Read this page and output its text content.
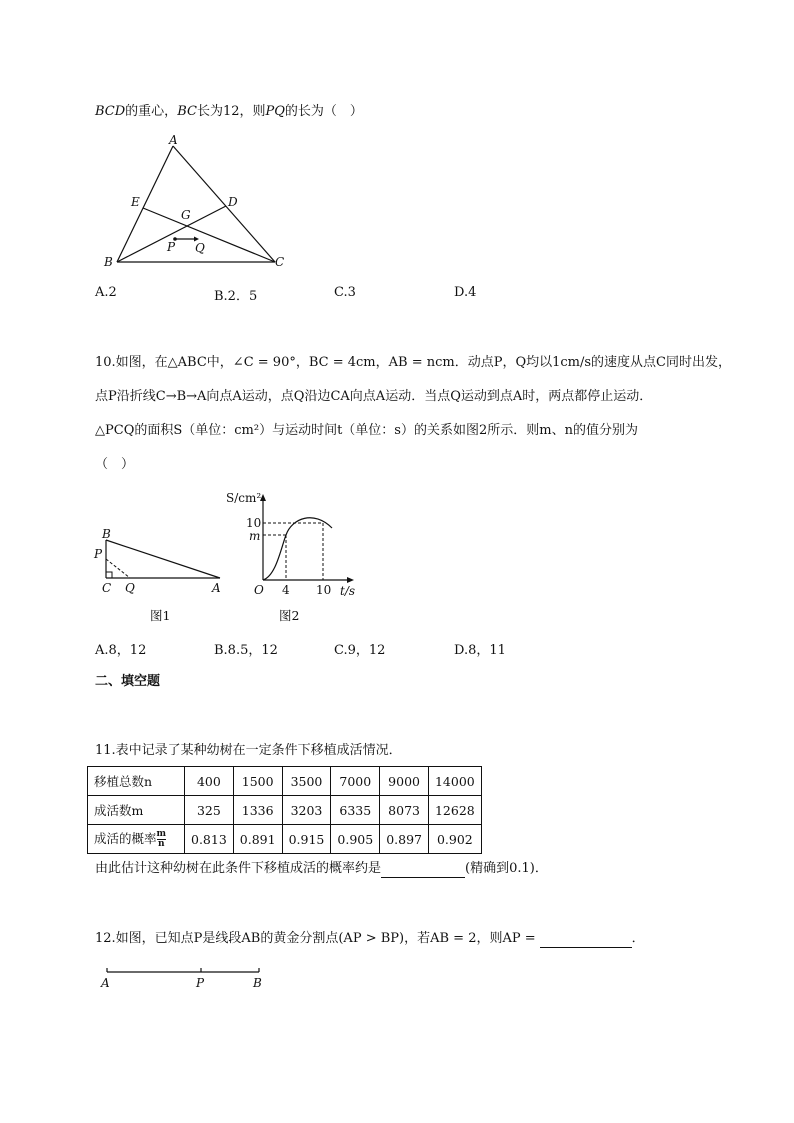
BCD的重心，BC长为12，则PQ的长为（　）
A
E	D
G
P Q
B	C
A.2	B.2．5	C.3	D.4
10.如图，在△ABC中，∠C = 90°，BC = 4cm，AB = ncm．动点P，Q均以1cm/s的速度从点C同时出发，
点P沿折线C→B→A向点A运动，点Q沿边CA向点A运动．当点Q运动到点A时，两点都停止运动．
△PCQ的面积S（单位：cm²）与运动时间t（单位：s）的关系如图2所示．则m、n的值分别为
（　）
B
P
C Q	A
图1
S/cm²
10
m
O 4 10 t/s
图2
A.8，12	B.8.5，12	C.9，12	D.8，11
二、填空题
11.表中记录了某种幼树在一定条件下移植成活情况．
移植总数n	400	1500	3500	7000	9000	14000
成活数m	325	1336	3203	6335	8073	12628
成活的概率 $\frac{m}{n}$	0.813	0.891	0.915	0.905	0.897	0.902
由此估计这种幼树在此条件下移植成活的概率约是	(精确到0.1)．
12.如图，已知点P是线段AB的黄金分割点(AP > BP)，若AB = 2，则AP =	．
A	P	B
